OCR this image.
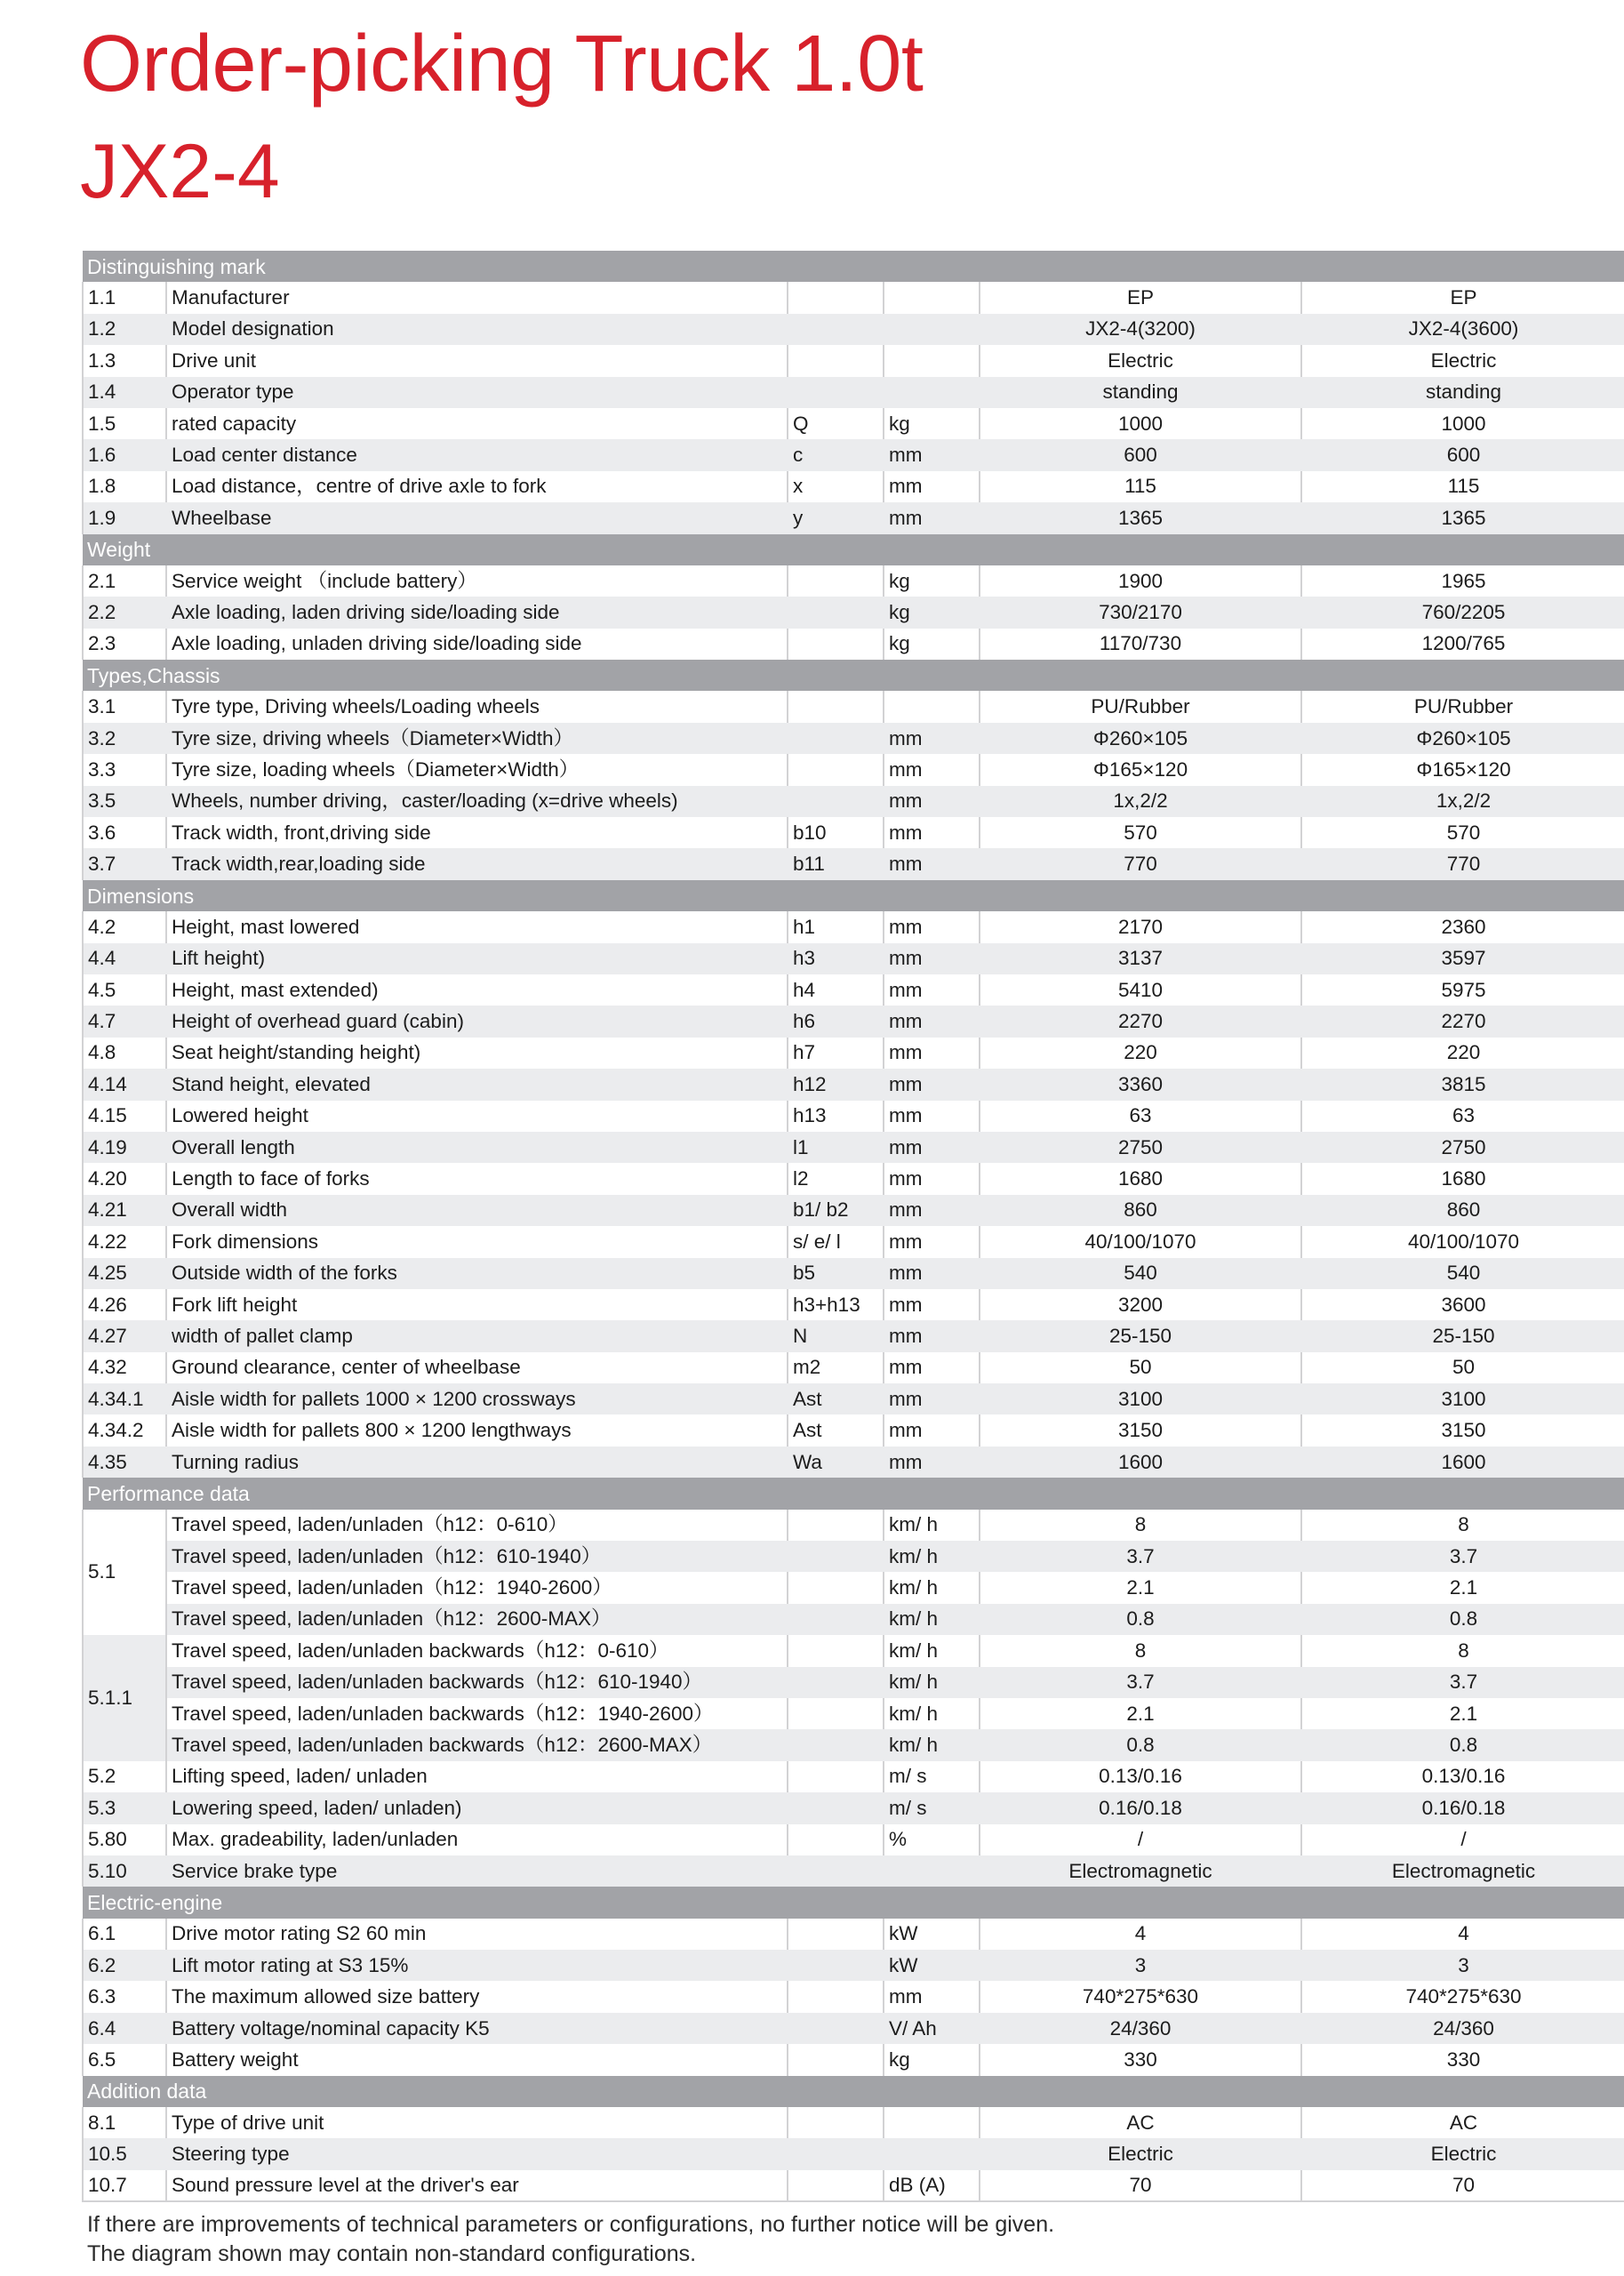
Order-picking Truck 1.0t
JX2-4
Distinguishing mark					
1.1	Manufacturer			EP	EP
1.2	Model designation			JX2-4(3200)	JX2-4(3600)
1.3	Drive unit			Electric	Electric
1.4	Operator type			standing	standing
1.5	rated capacity	Q	kg	1000	1000
1.6	Load center distance	c	mm	600	600
1.8	Load distance，centre of drive axle to fork	x	mm	115	115
1.9	Wheelbase	y	mm	1365	1365
Weight					
2.1	Service weight （include battery）		kg	1900	1965
2.2	Axle loading, laden driving side/loading side		kg	730/2170	760/2205
2.3	Axle loading, unladen driving side/loading side		kg	1170/730	1200/765
Types,Chassis					
3.1	Tyre type, Driving wheels/Loading wheels			PU/Rubber	PU/Rubber
3.2	Tyre size, driving wheels（Diameter×Width）		mm	Φ260×105	Φ260×105
3.3	Tyre size, loading wheels（Diameter×Width）		mm	Φ165×120	Φ165×120
3.5	Wheels, number driving，caster/loading (x=drive wheels)		mm	1x,2/2	1x,2/2
3.6	Track width, front,driving side	b10	mm	570	570
3.7	Track width,rear,loading side	b11	mm	770	770
Dimensions					
4.2	Height, mast lowered	h1	mm	2170	2360
4.4	Lift height)	h3	mm	3137	3597
4.5	Height, mast extended)	h4	mm	5410	5975
4.7	Height of overhead guard (cabin)	h6	mm	2270	2270
4.8	Seat height/standing height)	h7	mm	220	220
4.14	Stand height, elevated	h12	mm	3360	3815
4.15	Lowered height	h13	mm	63	63
4.19	Overall length	l1	mm	2750	2750
4.20	Length to face of forks	l2	mm	1680	1680
4.21	Overall width	b1/ b2	mm	860	860
4.22	Fork dimensions	s/ e/ l	mm	40/100/1070	40/100/1070
4.25	Outside width of the forks	b5	mm	540	540
4.26	Fork lift height	h3+h13	mm	3200	3600
4.27	width of pallet clamp	N	mm	25-150	25-150
4.32	Ground clearance, center of wheelbase	m2	mm	50	50
4.34.1	Aisle width for pallets 1000 × 1200 crossways	Ast	mm	3100	3100
4.34.2	Aisle width for pallets 800 × 1200 lengthways	Ast	mm	3150	3150
4.35	Turning radius	Wa	mm	1600	1600
Performance data					
5.1	Travel speed, laden/unladen（h12：0-610）		km/ h	8	8
	Travel speed, laden/unladen（h12：610-1940）		km/ h	3.7	3.7
	Travel speed, laden/unladen（h12：1940-2600）		km/ h	2.1	2.1
	Travel speed, laden/unladen（h12：2600-MAX）		km/ h	0.8	0.8
5.1.1	Travel speed, laden/unladen backwards（h12：0-610）		km/ h	8	8
	Travel speed, laden/unladen backwards（h12：610-1940）		km/ h	3.7	3.7
	Travel speed, laden/unladen backwards（h12：1940-2600）		km/ h	2.1	2.1
	Travel speed, laden/unladen backwards（h12：2600-MAX）		km/ h	0.8	0.8
5.2	Lifting speed, laden/ unladen		m/ s	0.13/0.16	0.13/0.16
5.3	Lowering speed, laden/ unladen)		m/ s	0.16/0.18	0.16/0.18
5.80	Max. gradeability, laden/unladen		%	/	/
5.10	Service brake type			Electromagnetic	Electromagnetic
Electric-engine					
6.1	Drive motor rating S2 60 min		kW	4	4
6.2	Lift motor rating at S3 15%		kW	3	3
6.3	The maximum allowed size battery		mm	740*275*630	740*275*630
6.4	Battery voltage/nominal capacity K5		V/ Ah	24/360	24/360
6.5	Battery weight		kg	330	330
Addition data					
8.1	Type of drive unit			AC	AC
10.5	Steering type			Electric	Electric
10.7	Sound pressure level at the driver's ear		dB (A)	70	70

If there are improvements of technical parameters or configurations, no further notice will be given.

The diagram shown may contain non-standard configurations.
